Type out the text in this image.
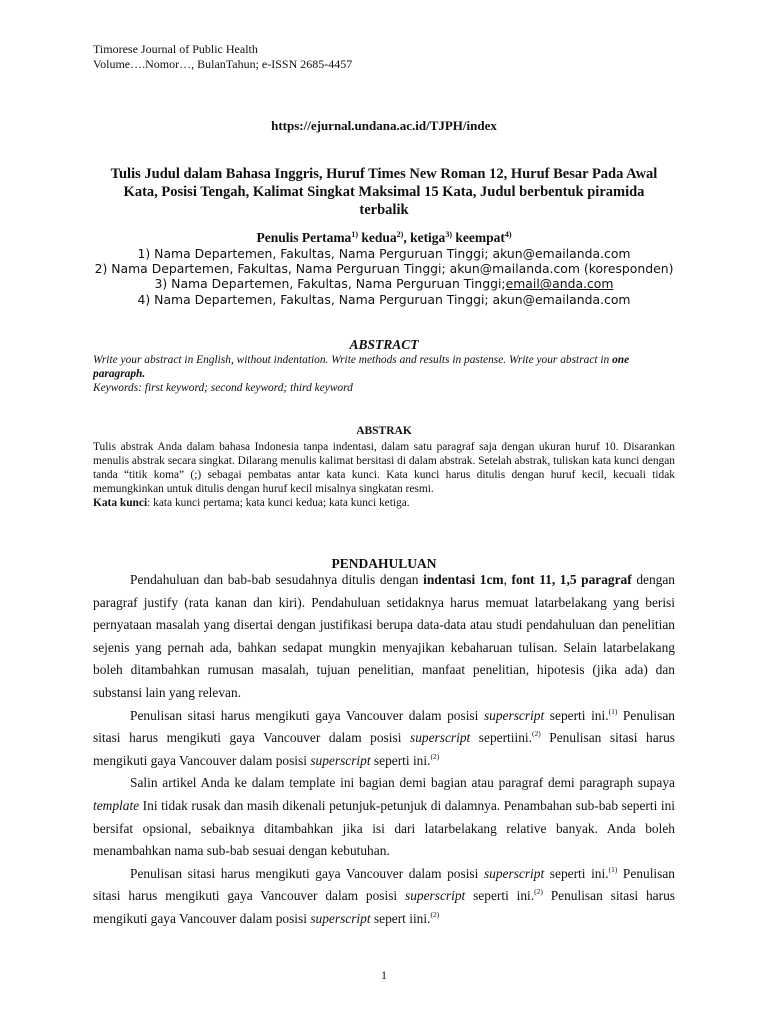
Timorese Journal of Public Health
Volume….Nomor…, BulanTahun; e-ISSN 2685-4457
https://ejurnal.undana.ac.id/TJPH/index
Tulis Judul dalam Bahasa Inggris, Huruf Times New Roman 12, Huruf Besar Pada Awal Kata, Posisi Tengah, Kalimat Singkat Maksimal 15 Kata, Judul berbentuk piramida terbalik
Penulis Pertama$^{1)}$ kedua$^{2)}$, ketiga$^{3)}$ keempat$^{4)}$
1) Nama Departemen, Fakultas, Nama Perguruan Tinggi; akun@emailanda.com
2) Nama Departemen, Fakultas, Nama Perguruan Tinggi; akun@mailanda.com (koresponden)
3) Nama Departemen, Fakultas, Nama Perguruan Tinggi;email@anda.com
4) Nama Departemen, Fakultas, Nama Perguruan Tinggi; akun@emailanda.com
ABSTRACT
Write your abstract in English, without indentation. Write methods and results in pastense. Write your abstract in one paragraph.
Keywords: first keyword; second keyword; third keyword
ABSTRAK
Tulis abstrak Anda dalam bahasa Indonesia tanpa indentasi, dalam satu paragraf saja dengan ukuran huruf 10. Disarankan menulis abstrak secara singkat. Dilarang menulis kalimat bersitasi di dalam abstrak. Setelah abstrak, tuliskan kata kunci dengan tanda “titik koma” (;) sebagai pembatas antar kata kunci. Kata kunci harus ditulis dengan huruf kecil, kecuali tidak memungkinkan untuk ditulis dengan huruf kecil misalnya singkatan resmi.
Kata kunci: kata kunci pertama; kata kunci kedua; kata kunci ketiga.
PENDAHULUAN

Pendahuluan dan bab-bab sesudahnya ditulis dengan indentasi 1cm, font 11, 1,5 paragraf dengan paragraf justify (rata kanan dan kiri). Pendahuluan setidaknya harus memuat latarbelakang yang berisi pernyataan masalah yang disertai dengan justifikasi berupa data-data atau studi pendahuluan dan penelitian sejenis yang pernah ada, bahkan sedapat mungkin menyajikan kebaharuan tulisan. Selain latarbelakang boleh ditambahkan rumusan masalah, tujuan penelitian, manfaat penelitian, hipotesis (jika ada) dan substansi lain yang relevan.

Penulisan sitasi harus mengikuti gaya Vancouver dalam posisi superscript seperti ini.$^{(1)}$ Penulisan sitasi harus mengikuti gaya Vancouver dalam posisi superscript sepertiini.$^{(2)}$ Penulisan sitasi harus mengikuti gaya Vancouver dalam posisi superscript seperti ini.$^{(2)}$

Salin artikel Anda ke dalam template ini bagian demi bagian atau paragraf demi paragraph supaya template Ini tidak rusak dan masih dikenali petunjuk-petunjuk di dalamnya. Penambahan sub-bab seperti ini bersifat opsional, sebaiknya ditambahkan jika isi dari latarbelakang relative banyak. Anda boleh menambahkan nama sub-bab sesuai dengan kebutuhan.

Penulisan sitasi harus mengikuti gaya Vancouver dalam posisi superscript seperti ini.$^{(1)}$ Penulisan sitasi harus mengikuti gaya Vancouver dalam posisi superscript seperti ini.$^{(2)}$ Penulisan sitasi harus mengikuti gaya Vancouver dalam posisi superscript sepert iini.$^{(2)}$

1
